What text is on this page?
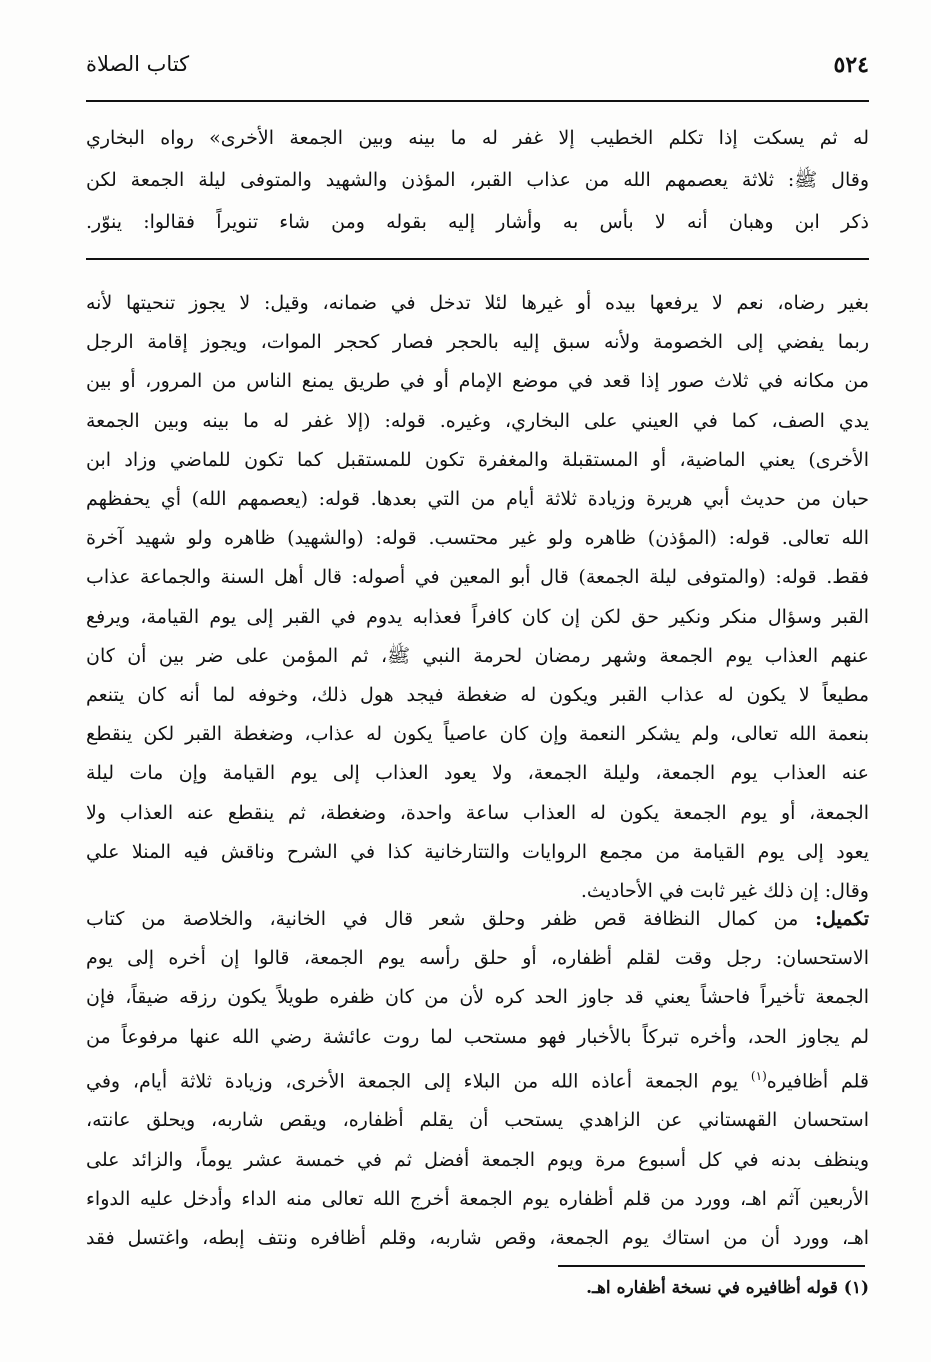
٥٢٤
كتاب الصلاة
له ثم يسكت إذا تكلم الخطيب إلا غفر له ما بينه وبين الجمعة الأخرى» رواه البخاري
وقال ﷺ: ثلاثة يعصمهم الله من عذاب القبر، المؤذن والشهيد والمتوفى ليلة الجمعة لكن
ذكر ابن وهبان أنه لا بأس به وأشار إليه بقوله ومن شاء تنويراً فقالوا: ينوّر.
بغير رضاه، نعم لا يرفعها بيده أو غيرها لئلا تدخل في ضمانه، وقيل: لا يجوز تنحيتها لأنه
ربما يفضي إلى الخصومة ولأنه سبق إليه بالحجر فصار كحجر الموات، ويجوز إقامة الرجل
من مكانه في ثلاث صور إذا قعد في موضع الإمام أو في طريق يمنع الناس من المرور، أو بين
يدي الصف، كما في العيني على البخاري، وغيره. قوله: (إلا غفر له ما بينه وبين الجمعة
الأخرى) يعني الماضية، أو المستقبلة والمغفرة تكون للمستقبل كما تكون للماضي وزاد ابن
حبان من حديث أبي هريرة وزيادة ثلاثة أيام من التي بعدها. قوله: (يعصمهم الله) أي يحفظهم
الله تعالى. قوله: (المؤذن) ظاهره ولو غير محتسب. قوله: (والشهيد) ظاهره ولو شهيد آخرة
فقط. قوله: (والمتوفى ليلة الجمعة) قال أبو المعين في أصوله: قال أهل السنة والجماعة عذاب
القبر وسؤال منكر ونكير حق لكن إن كان كافراً فعذابه يدوم في القبر إلى يوم القيامة، ويرفع
عنهم العذاب يوم الجمعة وشهر رمضان لحرمة النبي ﷺ، ثم المؤمن على ضر بين أن كان
مطيعاً لا يكون له عذاب القبر ويكون له ضغطة فيجد هول ذلك، وخوفه لما أنه كان يتنعم
بنعمة الله تعالى، ولم يشكر النعمة وإن كان عاصياً يكون له عذاب، وضغطة القبر لكن ينقطع
عنه العذاب يوم الجمعة، وليلة الجمعة، ولا يعود العذاب إلى يوم القيامة وإن مات ليلة
الجمعة، أو يوم الجمعة يكون له العذاب ساعة واحدة، وضغطة، ثم ينقطع عنه العذاب ولا
يعود إلى يوم القيامة من مجمع الروايات والتتارخانية كذا في الشرح وناقش فيه المنلا علي
وقال: إن ذلك غير ثابت في الأحاديث.
تكميل: من كمال النظافة قص ظفر وحلق شعر قال في الخانية، والخلاصة من كتاب
الاستحسان: رجل وقت لقلم أظفاره، أو حلق رأسه يوم الجمعة، قالوا إن أخره إلى يوم
الجمعة تأخيراً فاحشاً يعني قد جاوز الحد كره لأن من كان ظفره طويلاً يكون رزقه ضيقاً، فإن
لم يجاوز الحد، وأخره تبركاً بالأخبار فهو مستحب لما روت عائشة رضي الله عنها مرفوعاً من
قلم أظافيره$^{(١)}$ يوم الجمعة أعاذه الله من البلاء إلى الجمعة الأخرى، وزيادة ثلاثة أيام، وفي
استحسان القهستاني عن الزاهدي يستحب أن يقلم أظفاره، ويقص شاربه، ويحلق عانته،
وينظف بدنه في كل أسبوع مرة ويوم الجمعة أفضل ثم في خمسة عشر يوماً، والزائد على
الأربعين آثم اهـ، وورد من قلم أظفاره يوم الجمعة أخرج الله تعالى منه الداء وأدخل عليه الدواء
اهـ، وورد أن من استاك يوم الجمعة، وقص شاربه، وقلم أظافره ونتف إبطه، واغتسل فقد
(١) قوله أظافيره في نسخة أظفاره اهـ.
